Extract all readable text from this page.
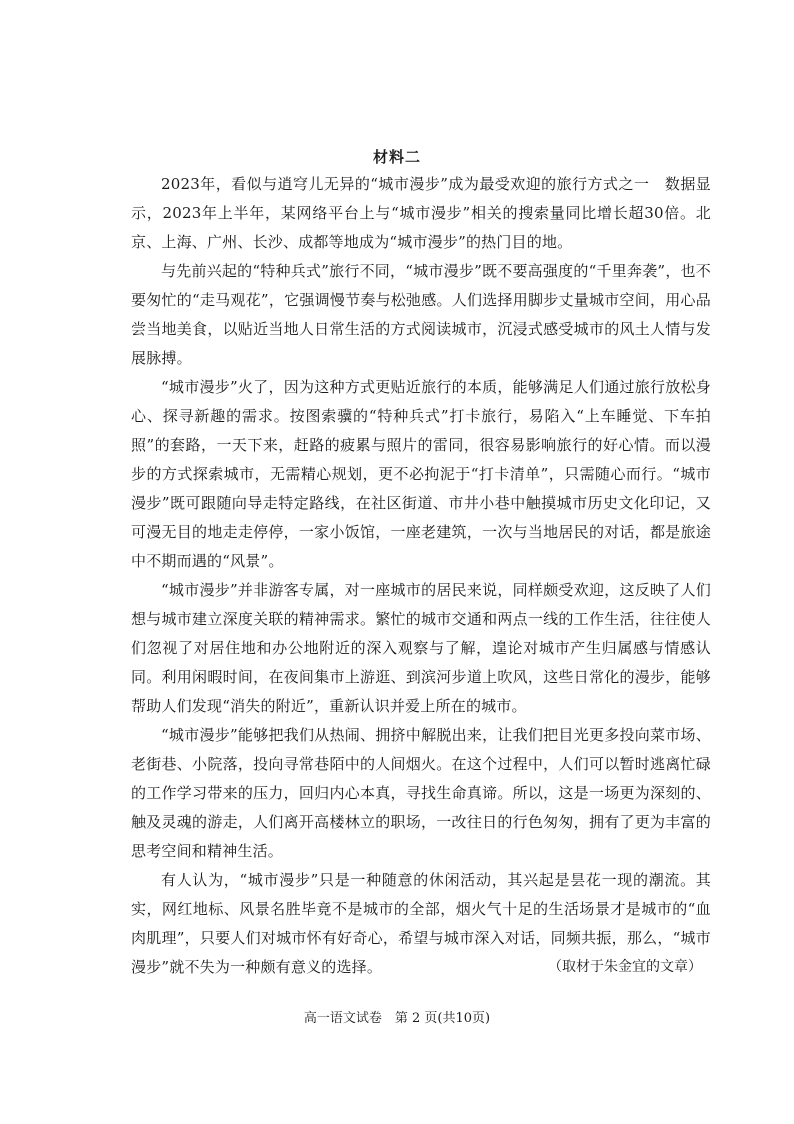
材料二

2023年，看似与逍穹儿无异的“城市漫步”成为最受欢迎的旅行方式之一　数据显示，2023年上半年，某网络平台上与“城市漫步”相关的搜索量同比增长超30倍。北京、上海、广州、长沙、成都等地成为“城市漫步”的热门目的地。

与先前兴起的“特种兵式”旅行不同，“城市漫步”既不要高强度的“千里奔袭”，也不要匆忙的“走马观花”，它强调慢节奏与松弛感。人们选择用脚步丈量城市空间，用心品尝当地美食，以贴近当地人日常生活的方式阅读城市，沉浸式感受城市的风土人情与发展脉搏。

“城市漫步”火了，因为这种方式更贴近旅行的本质，能够满足人们通过旅行放松身心、探寻新趣的需求。按图索骥的“特种兵式”打卡旅行，易陷入“上车睡觉、下车拍照”的套路，一天下来，赶路的疲累与照片的雷同，很容易影响旅行的好心情。而以漫步的方式探索城市，无需精心规划，更不必拘泥于“打卡清单”，只需随心而行。“城市漫步”既可跟随向导走特定路线，在社区街道、市井小巷中触摸城市历史文化印记，又可漫无目的地走走停停，一家小饭馆，一座老建筑，一次与当地居民的对话，都是旅途中不期而遇的“风景”。

“城市漫步”并非游客专属，对一座城市的居民来说，同样颇受欢迎，这反映了人们想与城市建立深度关联的精神需求。繁忙的城市交通和两点一线的工作生活，往往使人们忽视了对居住地和办公地附近的深入观察与了解，遑论对城市产生归属感与情感认同。利用闲暇时间，在夜间集市上游逛、到滨河步道上吹风，这些日常化的漫步，能够帮助人们发现“消失的附近”，重新认识并爱上所在的城市。

“城市漫步”能够把我们从热闹、拥挤中解脱出来，让我们把目光更多投向菜市场、老街巷、小院落，投向寻常巷陌中的人间烟火。在这个过程中，人们可以暂时逃离忙碌的工作学习带来的压力，回归内心本真，寻找生命真谛。所以，这是一场更为深刻的、触及灵魂的游走，人们离开高楼林立的职场，一改往日的行色匆匆，拥有了更为丰富的思考空间和精神生活。

有人认为，“城市漫步”只是一种随意的休闲活动，其兴起是昙花一现的潮流。其实，网红地标、风景名胜毕竟不是城市的全部，烟火气十足的生活场景才是城市的“血肉肌理”，只要人们对城市怀有好奇心，希望与城市深入对话，同频共振，那么，“城市漫步”就不失为一种颇有意义的选择。	（取材于朱金宜的文章）
高一语文试卷　第 2 页(共10页)
